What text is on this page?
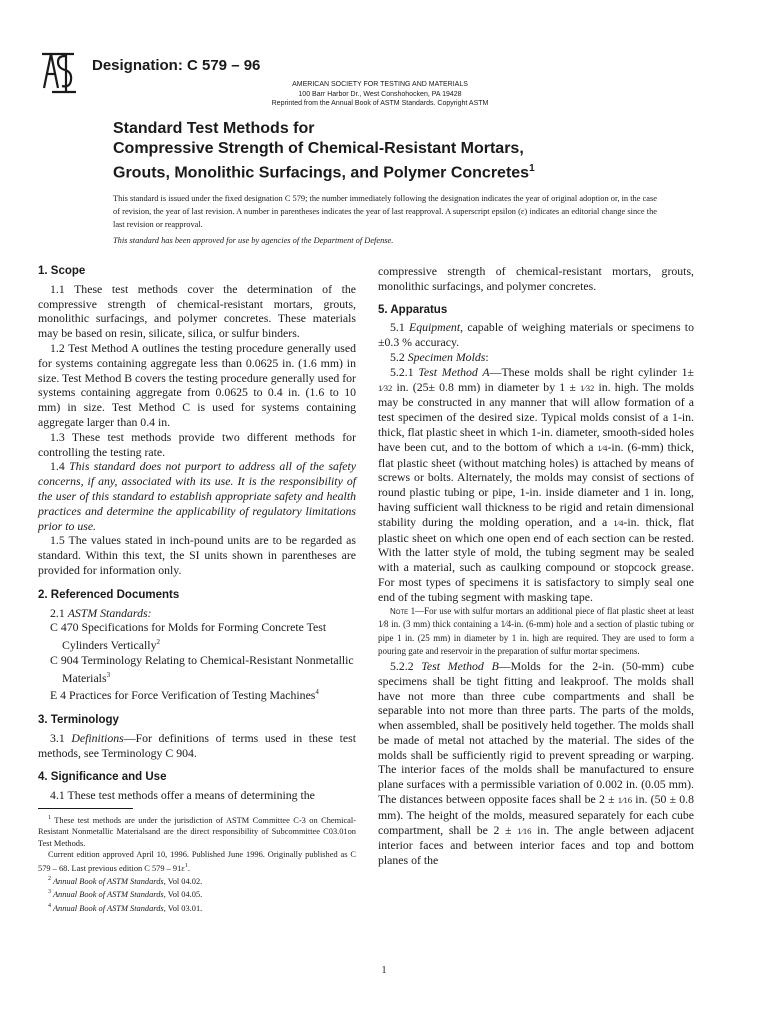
Designation: C 579 – 96
AMERICAN SOCIETY FOR TESTING AND MATERIALS
100 Barr Harbor Dr., West Conshohocken, PA 19428
Reprinted from the Annual Book of ASTM Standards. Copyright ASTM
Standard Test Methods for
Compressive Strength of Chemical-Resistant Mortars,
Grouts, Monolithic Surfacings, and Polymer Concretes$^1$
This standard is issued under the fixed designation C 579; the number immediately following the designation indicates the year of original adoption or, in the case of revision, the year of last revision. A number in parentheses indicates the year of last reapproval. A superscript epsilon (ε) indicates an editorial change since the last revision or reapproval.
This standard has been approved for use by agencies of the Department of Defense.
1. Scope

1.1 These test methods cover the determination of the compressive strength of chemical-resistant mortars, grouts, monolithic surfacings, and polymer concretes. These materials may be based on resin, silicate, silica, or sulfur binders.

1.2 Test Method A outlines the testing procedure generally used for systems containing aggregate less than 0.0625 in. (1.6 mm) in size. Test Method B covers the testing procedure generally used for systems containing aggregate from 0.0625 to 0.4 in. (1.6 to 10 mm) in size. Test Method C is used for systems containing aggregate larger than 0.4 in.

1.3 These test methods provide two different methods for controlling the testing rate.

1.4 This standard does not purport to address all of the safety concerns, if any, associated with its use. It is the responsibility of the user of this standard to establish appropriate safety and health practices and determine the applicability of regulatory limitations prior to use.

1.5 The values stated in inch-pound units are to be regarded as standard. Within this text, the SI units shown in parentheses are provided for information only.

2. Referenced Documents

2.1 ASTM Standards:

C 470 Specifications for Molds for Forming Concrete Test Cylinders Vertically$^2$

C 904 Terminology Relating to Chemical-Resistant Nonmetallic Materials$^3$

E 4 Practices for Force Verification of Testing Machines$^4$

3. Terminology

3.1 Definitions—For definitions of terms used in these test methods, see Terminology C 904.

4. Significance and Use

4.1 These test methods offer a means of determining the

$^1$ These test methods are under the jurisdiction of ASTM Committee C-3 on Chemical-Resistant Nonmetallic Materialsand are the direct responsibility of Subcommittee C03.01on Test Methods.

Current edition approved April 10, 1996. Published June 1996. Originally published as C 579 – 68. Last previous edition C $579 - 91\varepsilon^1$.

$^2$ Annual Book of ASTM Standards, Vol 04.02.

$^3$ Annual Book of ASTM Standards, Vol 04.05.

$^4$ Annual Book of ASTM Standards, Vol 03.01.

compressive strength of chemical-resistant mortars, grouts, monolithic surfacings, and polymer concretes.

5. Apparatus

5.1 Equipment, capable of weighing materials or specimens to ±0.3 % accuracy.

5.2 Specimen Molds:

5.2.1 Test Method A—These molds shall be right cylinder 1± 1⁄32 in. (25± 0.8 mm) in diameter by 1 ± 1⁄32 in. high. The molds may be constructed in any manner that will allow formation of a test specimen of the desired size. Typical molds consist of a 1-in. thick, flat plastic sheet in which 1-in. diameter, smooth-sided holes have been cut, and to the bottom of which a 1⁄4-in. (6-mm) thick, flat plastic sheet (without matching holes) is attached by means of screws or bolts. Alternately, the molds may consist of sections of round plastic tubing or pipe, 1-in. inside diameter and 1 in. long, having sufficient wall thickness to be rigid and retain dimensional stability during the molding operation, and a 1⁄4-in. thick, flat plastic sheet on which one open end of each section can be rested. With the latter style of mold, the tubing segment may be sealed with a material, such as caulking compound or stopcock grease. For most types of specimens it is satisfactory to simply seal one end of the tubing segment with masking tape.

Note 1—For use with sulfur mortars an additional piece of flat plastic sheet at least 1⁄8 in. (3 mm) thick containing a 1⁄4-in. (6-mm) hole and a section of plastic tubing or pipe 1 in. (25 mm) in diameter by 1 in. high are required. They are used to form a pouring gate and reservoir in the preparation of sulfur mortar specimens.

5.2.2 Test Method B—Molds for the 2-in. (50-mm) cube specimens shall be tight fitting and leakproof. The molds shall have not more than three cube compartments and shall be separable into not more than three parts. The parts of the molds, when assembled, shall be positively held together. The molds shall be made of metal not attached by the material. The sides of the molds shall be sufficiently rigid to prevent spreading or warping. The interior faces of the molds shall be manufactured to ensure plane surfaces with a permissible variation of 0.002 in. (0.05 mm). The distances between opposite faces shall be 2 ± 1⁄16 in. (50 ± 0.8 mm). The height of the molds, measured separately for each cube compartment, shall be 2 ± 1⁄16 in. The angle between adjacent interior faces and between interior faces and top and bottom planes of the

1
